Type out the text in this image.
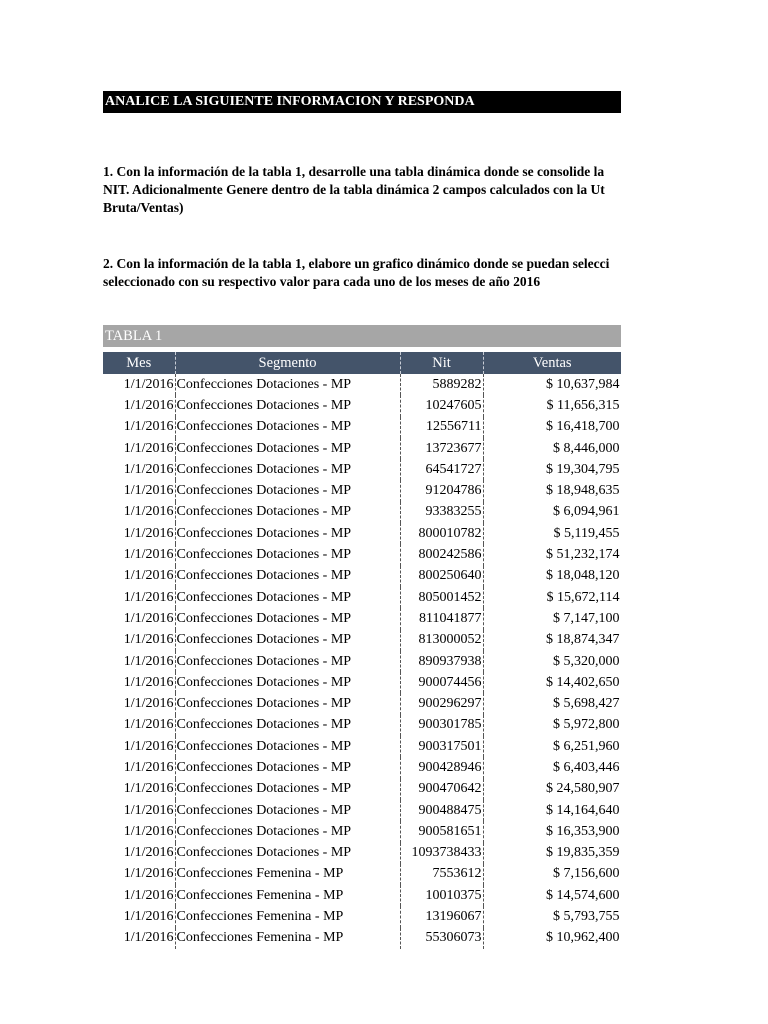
ANALICE LA SIGUIENTE INFORMACION Y RESPONDA
1. Con la información de la tabla 1, desarrolle una tabla dinámica donde se consolide la
NIT. Adicionalmente Genere dentro de la tabla dinámica 2 campos calculados con la Ut
Bruta/Ventas)
2. Con la información de la tabla 1, elabore un grafico dinámico donde se puedan selecci
seleccionado con su respectivo valor para cada uno de los meses de año 2016
TABLA 1
Mes	Segmento	Nit	Ventas
1/1/2016	Confecciones Dotaciones - MP	5889282	$ 10,637,984
1/1/2016	Confecciones Dotaciones - MP	10247605	$ 11,656,315
1/1/2016	Confecciones Dotaciones - MP	12556711	$ 16,418,700
1/1/2016	Confecciones Dotaciones - MP	13723677	$ 8,446,000
1/1/2016	Confecciones Dotaciones - MP	64541727	$ 19,304,795
1/1/2016	Confecciones Dotaciones - MP	91204786	$ 18,948,635
1/1/2016	Confecciones Dotaciones - MP	93383255	$ 6,094,961
1/1/2016	Confecciones Dotaciones - MP	800010782	$ 5,119,455
1/1/2016	Confecciones Dotaciones - MP	800242586	$ 51,232,174
1/1/2016	Confecciones Dotaciones - MP	800250640	$ 18,048,120
1/1/2016	Confecciones Dotaciones - MP	805001452	$ 15,672,114
1/1/2016	Confecciones Dotaciones - MP	811041877	$ 7,147,100
1/1/2016	Confecciones Dotaciones - MP	813000052	$ 18,874,347
1/1/2016	Confecciones Dotaciones - MP	890937938	$ 5,320,000
1/1/2016	Confecciones Dotaciones - MP	900074456	$ 14,402,650
1/1/2016	Confecciones Dotaciones - MP	900296297	$ 5,698,427
1/1/2016	Confecciones Dotaciones - MP	900301785	$ 5,972,800
1/1/2016	Confecciones Dotaciones - MP	900317501	$ 6,251,960
1/1/2016	Confecciones Dotaciones - MP	900428946	$ 6,403,446
1/1/2016	Confecciones Dotaciones - MP	900470642	$ 24,580,907
1/1/2016	Confecciones Dotaciones - MP	900488475	$ 14,164,640
1/1/2016	Confecciones Dotaciones - MP	900581651	$ 16,353,900
1/1/2016	Confecciones Dotaciones - MP	1093738433	$ 19,835,359
1/1/2016	Confecciones Femenina - MP	7553612	$ 7,156,600
1/1/2016	Confecciones Femenina - MP	10010375	$ 14,574,600
1/1/2016	Confecciones Femenina - MP	13196067	$ 5,793,755
1/1/2016	Confecciones Femenina - MP	55306073	$ 10,962,400
